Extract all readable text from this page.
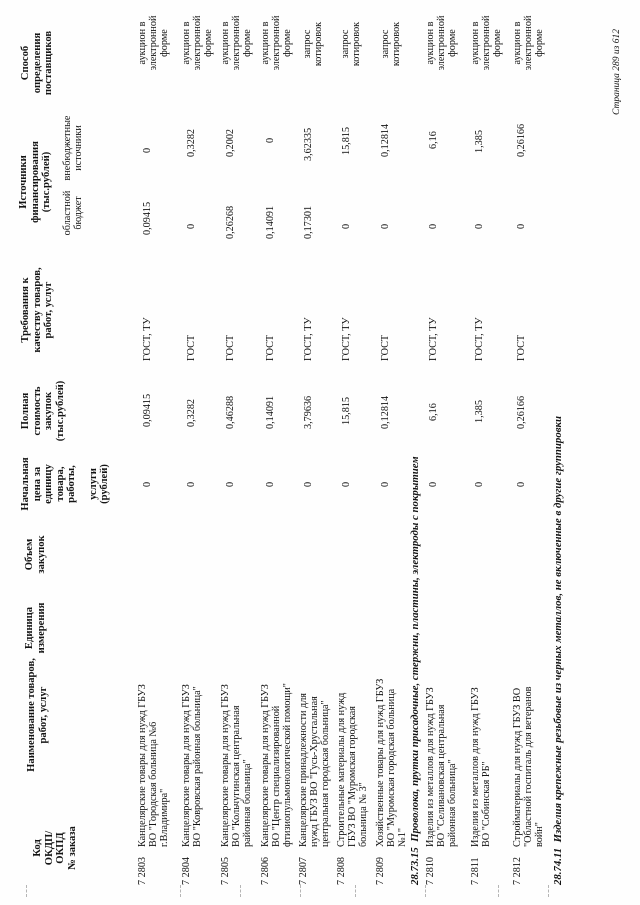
Код ОКДП/ ОКПД № заказа
Наименование товаров, работ, услуг
Единица измерения
Объем закупок
Начальная цена за единицу товара, работы, услуги (рублей)
Полная стоимость закупок (тыс.рублей)
Требования к качеству товаров, работ, услуг
Источники финансирования (тыс.рублей)
областной бюджет
внебюджетные источники
Способ определения поставщиков
7 2803
Канцелярские товары для нужд ГБУЗ ВО "Городская больница №6 г.Владимира"
0
0,09415
ГОСТ, ТУ
0,09415
0
аукцион в электронной форме
7 2804
Канцелярские товары для нужд ГБУЗ ВО "Ковровская районная больница"
0
0,3282
ГОСТ
0
0,3282
аукцион в электронной форме
7 2805
Канцелярские товары для нужд ГБУЗ ВО "Кольчугинская центральная районная больница"
0
0,46288
ГОСТ
0,26268
0,2002
аукцион в электронной форме
7 2806
Канцелярские товары для нужд ГБУЗ ВО "Центр специализированной фтизиопульмонологической помощи"
0
0,14091
ГОСТ
0,14091
0
аукцион в электронной форме
7 2807
Канцелярские принадлежности для нужд ГБУЗ ВО "Гусь-Хрустальная центральная городская больница"
0
3,79636
ГОСТ, ТУ
0,17301
3,62335
запрос котировок
7 2808
Строительные материалы для нужд ГБУЗ ВО "Муромская городская больница № 3"
0
15,815
ГОСТ, ТУ
0
15,815
запрос котировок
7 2809
Хозяйственные товары для нужд ГБУЗ ВО "Муромская городская больница №1"
0
0,12814
ГОСТ
0
0,12814
запрос котировок
28.73.15  Проволока, прутки присадочные, стержни, пластины, электроды с покрытием
7 2810
Изделия из металлов для нужд ГБУЗ ВО "Селивановская центральная районная больница"
0
6,16
ГОСТ, ТУ
0
6,16
аукцион в электронной форме
7 2811
Изделия из металлов для нужд ГБУЗ ВО "Собинская РБ"
0
1,385
ГОСТ, ТУ
0
1,385
аукцион в электронной форме
7 2812
Стройматериалы для нужд ГБУЗ ВО "Областной госпиталь для ветеранов войн"
0
0,26166
ГОСТ
0
0,26166
аукцион в электронной форме
28.74.11  Изделия крепежные резьбовые из черных металлов, не включенные в другие группировки
Страница 289 из 612
